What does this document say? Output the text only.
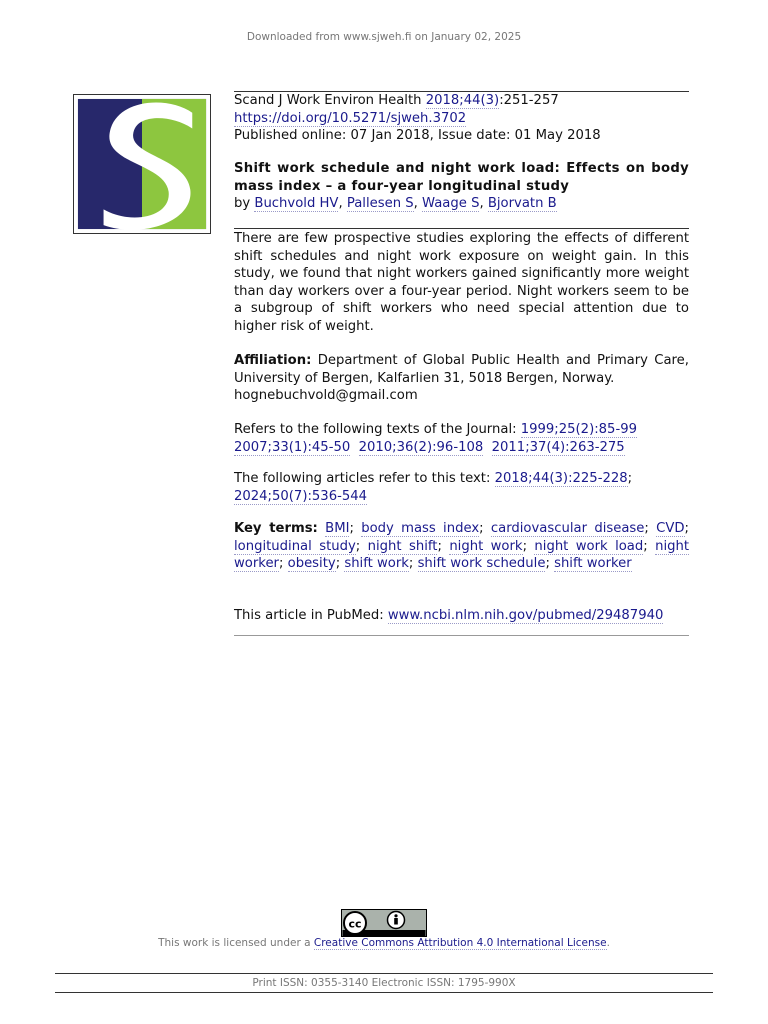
Downloaded from www.sjweh.fi on January 02, 2025
Scand J Work Environ Health 2018;44(3):251-257
https://doi.org/10.5271/sjweh.3702
Published online: 07 Jan 2018, Issue date: 01 May 2018
Shift work schedule and night work load: Effects on body mass index – a four-year longitudinal study
by Buchvold HV, Pallesen S, Waage S, Bjorvatn B
There are few prospective studies exploring the effects of different shift schedules and night work exposure on weight gain. In this study, we found that night workers gained significantly more weight than day workers over a four-year period. Night workers seem to be a subgroup of shift workers who need special attention due to higher risk of weight.
Affiliation: Department of Global Public Health and Primary Care, University of Bergen, Kalfarlien 31, 5018 Bergen, Norway.
hognebuchvold@gmail.com
Refers to the following texts of the Journal: 1999;25(2):85-99
2007;33(1):45-50 2010;36(2):96-108 2011;37(4):263-275
The following articles refer to this text: 2018;44(3):225-228;
2024;50(7):536-544
Key terms: BMI; body mass index; cardiovascular disease; CVD; longitudinal study; night shift; night work; night work load; night worker; obesity; shift work; shift work schedule; shift worker
This article in PubMed: www.ncbi.nlm.nih.gov/pubmed/29487940
cc
This work is licensed under a Creative Commons Attribution 4.0 International License.
Print ISSN: 0355-3140 Electronic ISSN: 1795-990X
